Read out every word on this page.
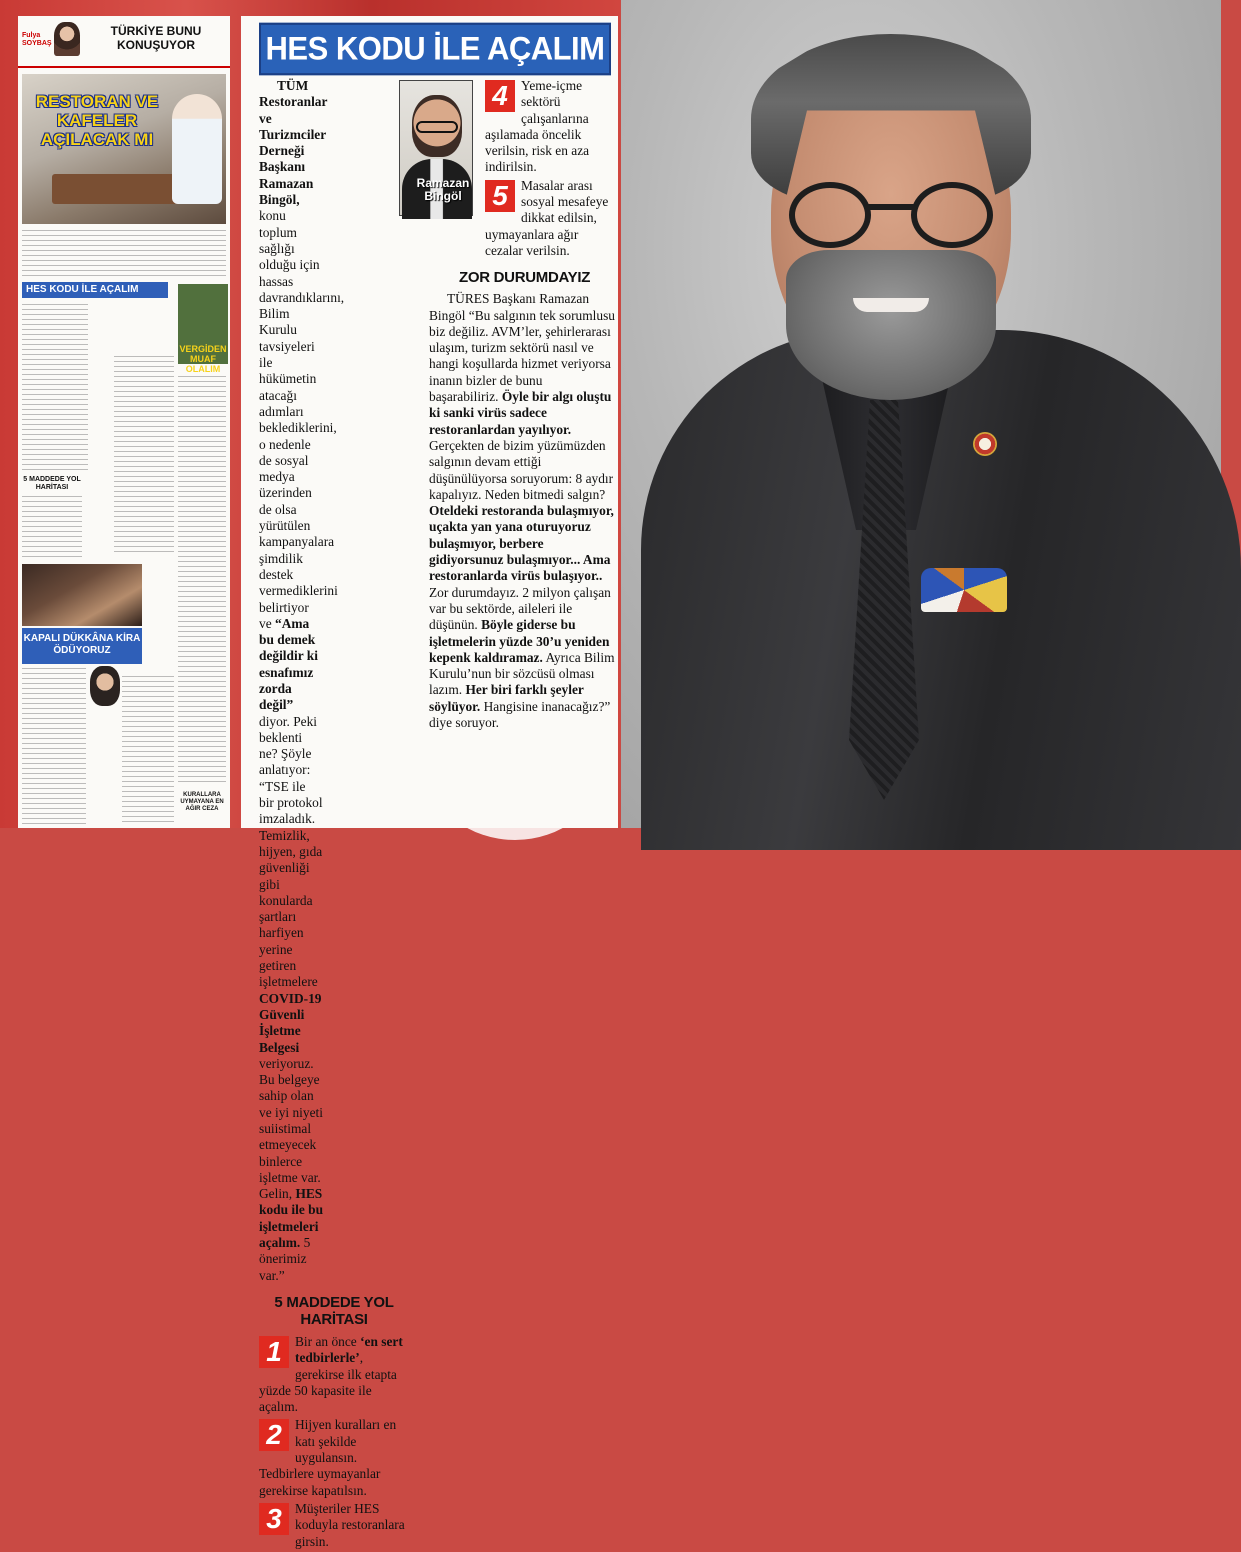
Fulya SOYBAŞ
TÜRKİYE BUNU KONUŞUYOR
RESTORAN VE KAFELER AÇILACAK MI
HES KODU İLE AÇALIM
VERGİDEN MUAF OLALIM
5 MADDEDE YOL HARİTASI
KAPALI DÜKKÂNA KİRA ÖDÜYORUZ
KURALLARA UYMAYANA EN AĞIR CEZA
HES KODU İLE AÇALIM
Ramazan Bingöl

TÜM Restoranlar ve Turizmciler Derneği Başkanı Ramazan Bingöl, konu toplum sağlığı olduğu için hassas davrandıklarını, Bilim Kurulu tavsiyeleri ile hükümetin atacağı adımları beklediklerini, o nedenle de sosyal medya üzerinden de olsa yürütülen kampanyalara şimdilik destek vermediklerini belirtiyor ve “Ama bu demek değildir ki esnafımız zorda değil” diyor. Peki beklenti ne? Şöyle anlatıyor: “TSE ile bir protokol imzaladık. Temizlik, hijyen, gıda güvenliği gibi konularda şartları harfiyen yerine getiren işletmelere COVID-19 Güvenli İşletme Belgesi veriyoruz. Bu belgeye sahip olan ve iyi niyeti suiistimal etmeyecek binlerce işletme var. Gelin, HES kodu ile bu işletmeleri açalım. 5 önerimiz var.”

5 MADDEDE YOL HARİTASI
1 Bir an önce ‘en sert tedbirlerle’, gerekirse ilk etapta yüzde 50 kapasite ile açalım.
2 Hijyen kuralları en katı şekilde uygulansın. Tedbirlere uymayanlar gerekirse kapatılsın.
3 Müşteriler HES koduyla restoranlara girsin.
4 Yeme-içme sektörü çalışanlarına aşılamada öncelik verilsin, risk en aza indirilsin.
5 Masalar arası sosyal mesafeye dikkat edilsin, uymayanlara ağır cezalar verilsin.
ZOR DURUMDAYIZ

TÜRES Başkanı Ramazan Bingöl “Bu salgının tek sorumlusu biz değiliz. AVM’ler, şehirlerarası ulaşım, turizm sektörü nasıl ve hangi koşullarda hizmet veriyorsa inanın bizler de bunu başarabiliriz. Öyle bir algı oluştu ki sanki virüs sadece restoranlardan yayılıyor. Gerçekten de bizim yüzümüzden salgının devam ettiği düşünülüyorsa soruyorum: 8 aydır kapalıyız. Neden bitmedi salgın? Oteldeki restoranda bulaşmıyor, uçakta yan yana oturuyoruz bulaşmıyor, berbere gidiyorsunuz bulaşmıyor... Ama restoranlarda virüs bulaşıyor.. Zor durumdayız. 2 milyon çalışan var bu sektörde, aileleri ile düşünün. Böyle giderse bu işletmelerin yüzde 30’u yeniden kepenk kaldıramaz. Ayrıca Bilim Kurulu’nun bir sözcüsü olması lazım. Her biri farklı şeyler söylüyor. Hangisine inanacağız?” diye soruyor.
